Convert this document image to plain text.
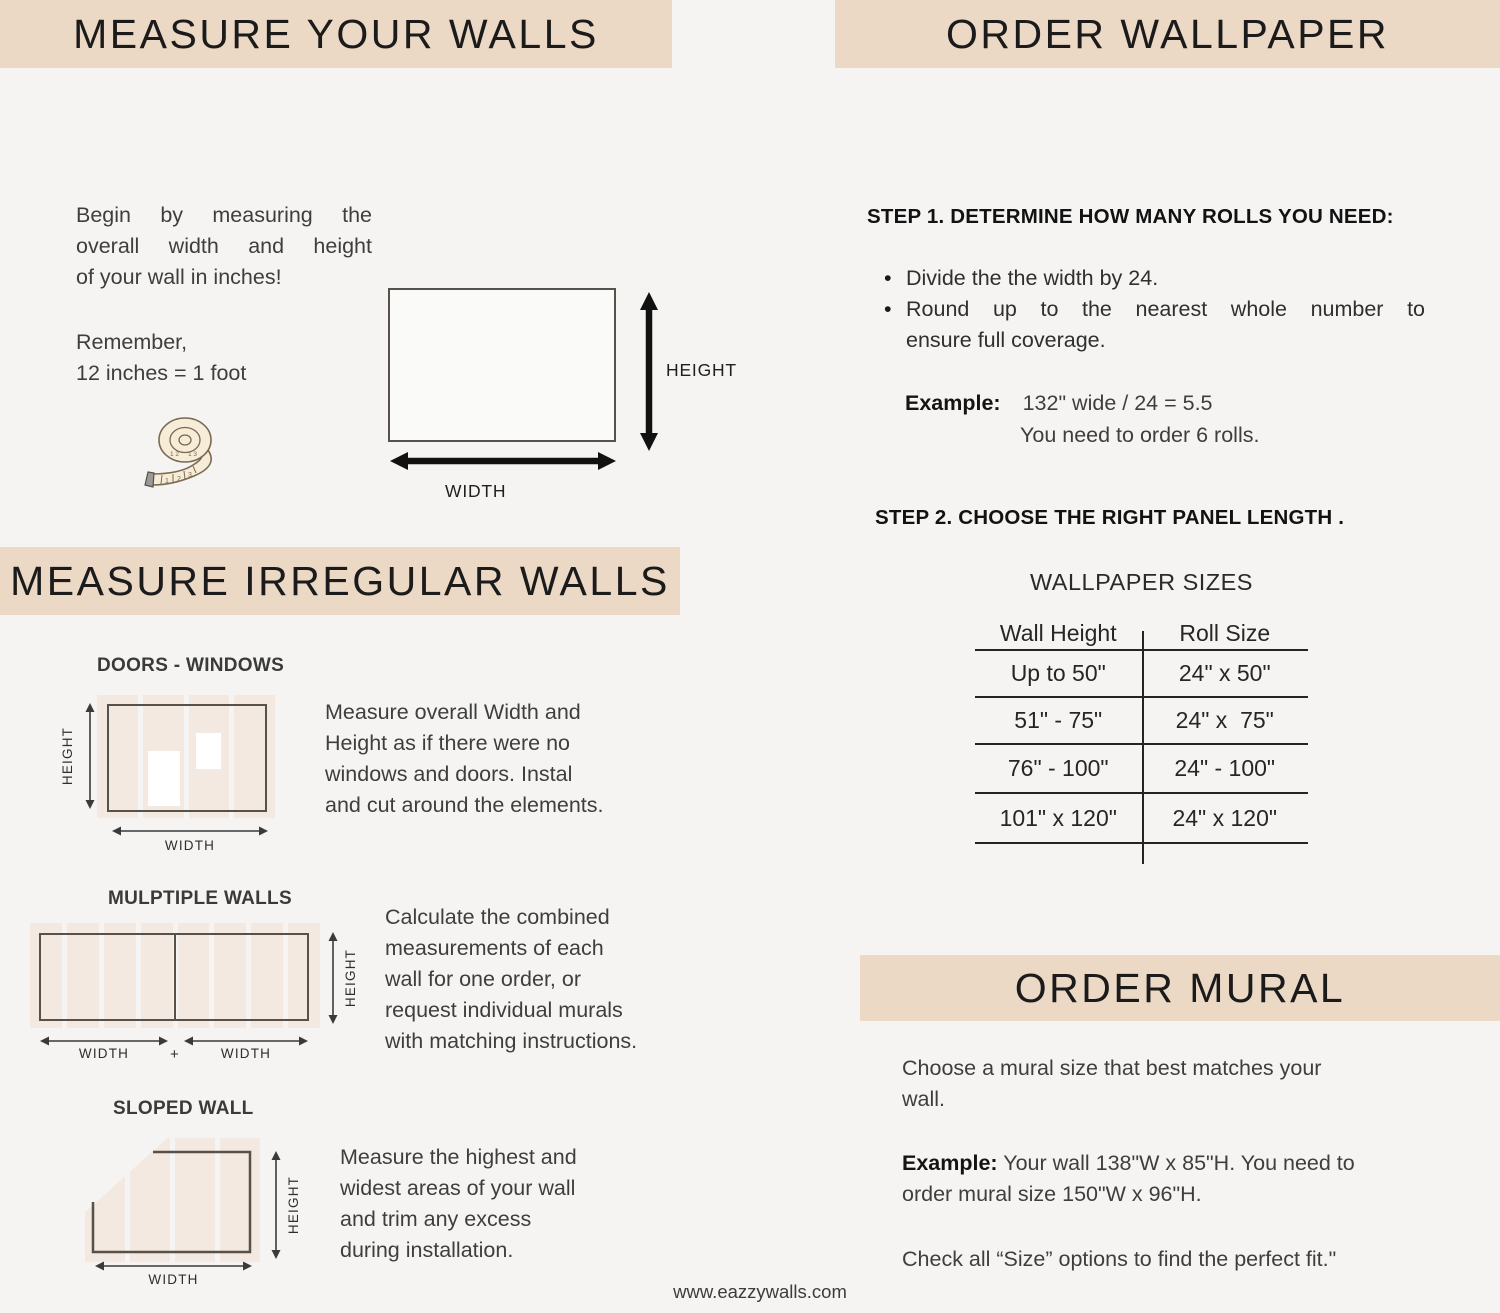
MEASURE YOUR WALLS	ORDER WALLPAPER
MEASURE IRREGULAR WALLS
ORDER MURAL
Begin by measuring the
overall width and height
of your wall in inches!
Remember,
12 inches = 1 foot
1 2
3
1 2 1 3
HEIGHT
WIDTH
STEP 1. DETERMINE HOW MANY ROLLS YOU NEED:
• Divide the the width by 24.
• Round up to the nearest whole number to
ensure full coverage.
Example: 132" wide / 24 = 5.5
You need to order 6 rolls.
STEP 2. CHOOSE THE RIGHT PANEL LENGTH .
WALLPAPER SIZES
Wall Height	Roll Size
Up to 50"	24" x 50"
51" - 75"	24" x  75"
76" - 100"	24" - 100"
101" x 120"	24" x 120"
DOORS - WINDOWS
HEIGHT
WIDTH
Measure overall Width and
Height as if there were no
windows and doors. Instal
and cut around the elements.
MULPTIPLE WALLS
HEIGHT
WIDTH	+	WIDTH
Calculate the combined
measurements of each
wall for one order, or
request individual murals
with matching instructions.
SLOPED WALL
HEIGHT
WIDTH
Measure the highest and
widest areas of your wall
and trim any excess
during installation.
Choose a mural size that best matches your
wall.
Example: Your wall 138"W x 85"H. You need to
order mural size 150"W x 96"H.
Check all “Size” options to find the perfect fit."
www.eazzywalls.com
